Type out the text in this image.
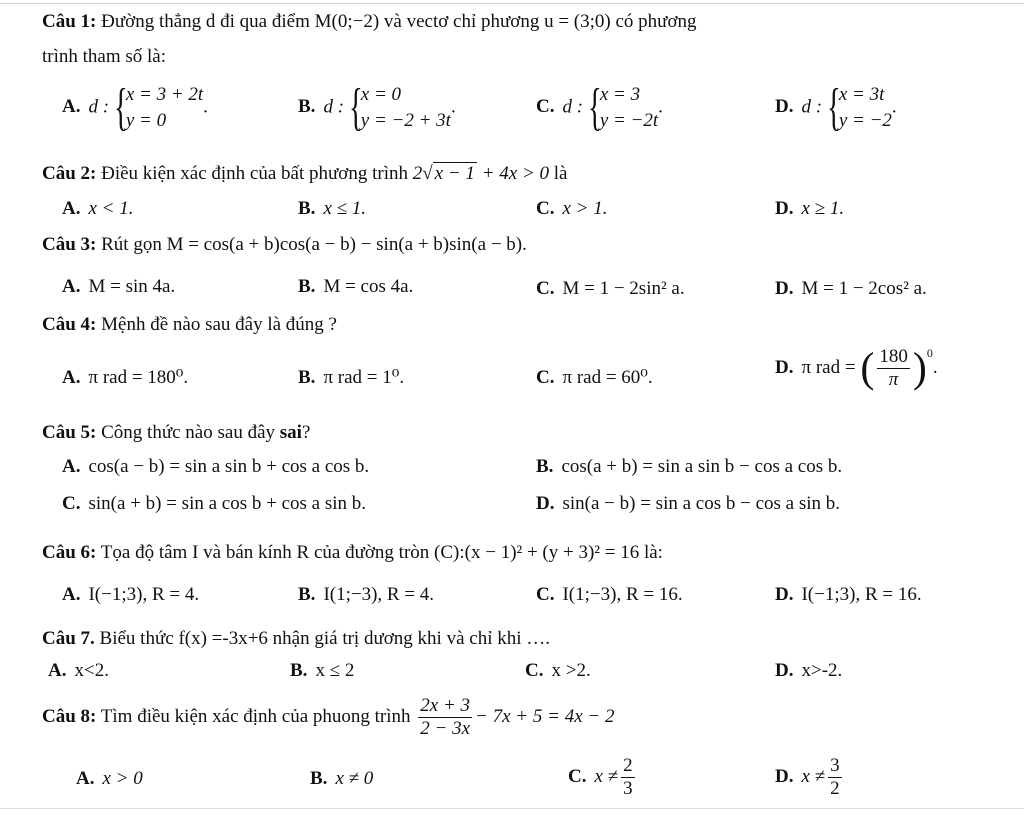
Câu 1: Đường thẳng d đi qua điểm M(0;−2) và vectơ chỉ phương u = (3;0) có phương
trình tham số là:
A. d : {
x = 3 + 2t
y = 0
.	B. d : {
x = 0
y = −2 + 3t
.	C. d : {
x = 3
y = −2t
.	D. d : {
x = 3t
y = −2
.
Câu 2: Điều kiện xác định của bất phương trình 2√ x − 1 + 4x > 0 là
A. x < 1.	B. x ≤ 1.	C. x > 1.	D. x ≥ 1.
Câu 3: Rút gọn M = cos(a + b)cos(a − b) − sin(a + b)sin(a − b).
A. M = sin 4a.	B. M = cos 4a.	C. M = 1 − 2sin² a.	D. M = 1 − 2cos² a.
Câu 4: Mệnh đề nào sau đây là đúng ?
A. π rad = 180⁰.	B. π rad = 1⁰.	C. π rad = 60⁰.	D. π rad = ( $\frac{180}{\pi} )^0$.
Câu 5: Công thức nào sau đây sai?
A. cos(a − b) = sin a sin b + cos a cos b.	B. cos(a + b) = sin a sin b − cos a cos b.
C. sin(a + b) = sin a cos b + cos a sin b.	D. sin(a − b) = sin a cos b − cos a sin b.
Câu 6: Tọa độ tâm I và bán kính R của đường tròn (C):(x − 1)² + (y + 3)² = 16 là:
A. I(−1;3), R = 4.	B. I(1;−3), R = 4.	C. I(1;−3), R = 16.	D. I(−1;3), R = 16.
Câu 7. Biểu thức f(x) =-3x+6 nhận giá trị dương khi và chỉ khi ….
A. x<2.	B. x ≤ 2	C. x >2.	D. x>-2.
Câu 8: Tìm điều kiện xác định của phuong trình $\frac{2x + 3}{2 - 3x} - 7x + 5 = 4x - 2$
A. x > 0	B. x ≠ 0	C. $x \ne \frac{2}{3}$	D. $x \ne \frac{3}{2}$
